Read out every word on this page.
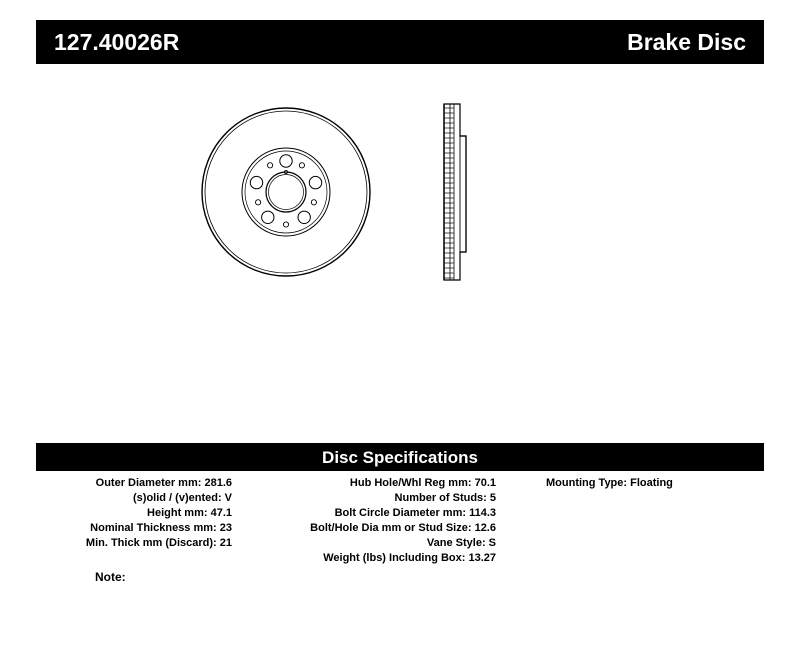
127.40026R	Brake Disc
Disc Specifications
Outer Diameter mm: 281.6
(s)olid / (v)ented: V
Height mm: 47.1
Nominal Thickness mm: 23
Min. Thick mm (Discard): 21
Hub Hole/Whl Reg mm: 70.1
Number of Studs: 5
Bolt Circle Diameter mm: 114.3
Bolt/Hole Dia mm or Stud Size: 12.6
Vane Style: S
Weight (lbs) Including Box: 13.27
Mounting Type: Floating
Note:
